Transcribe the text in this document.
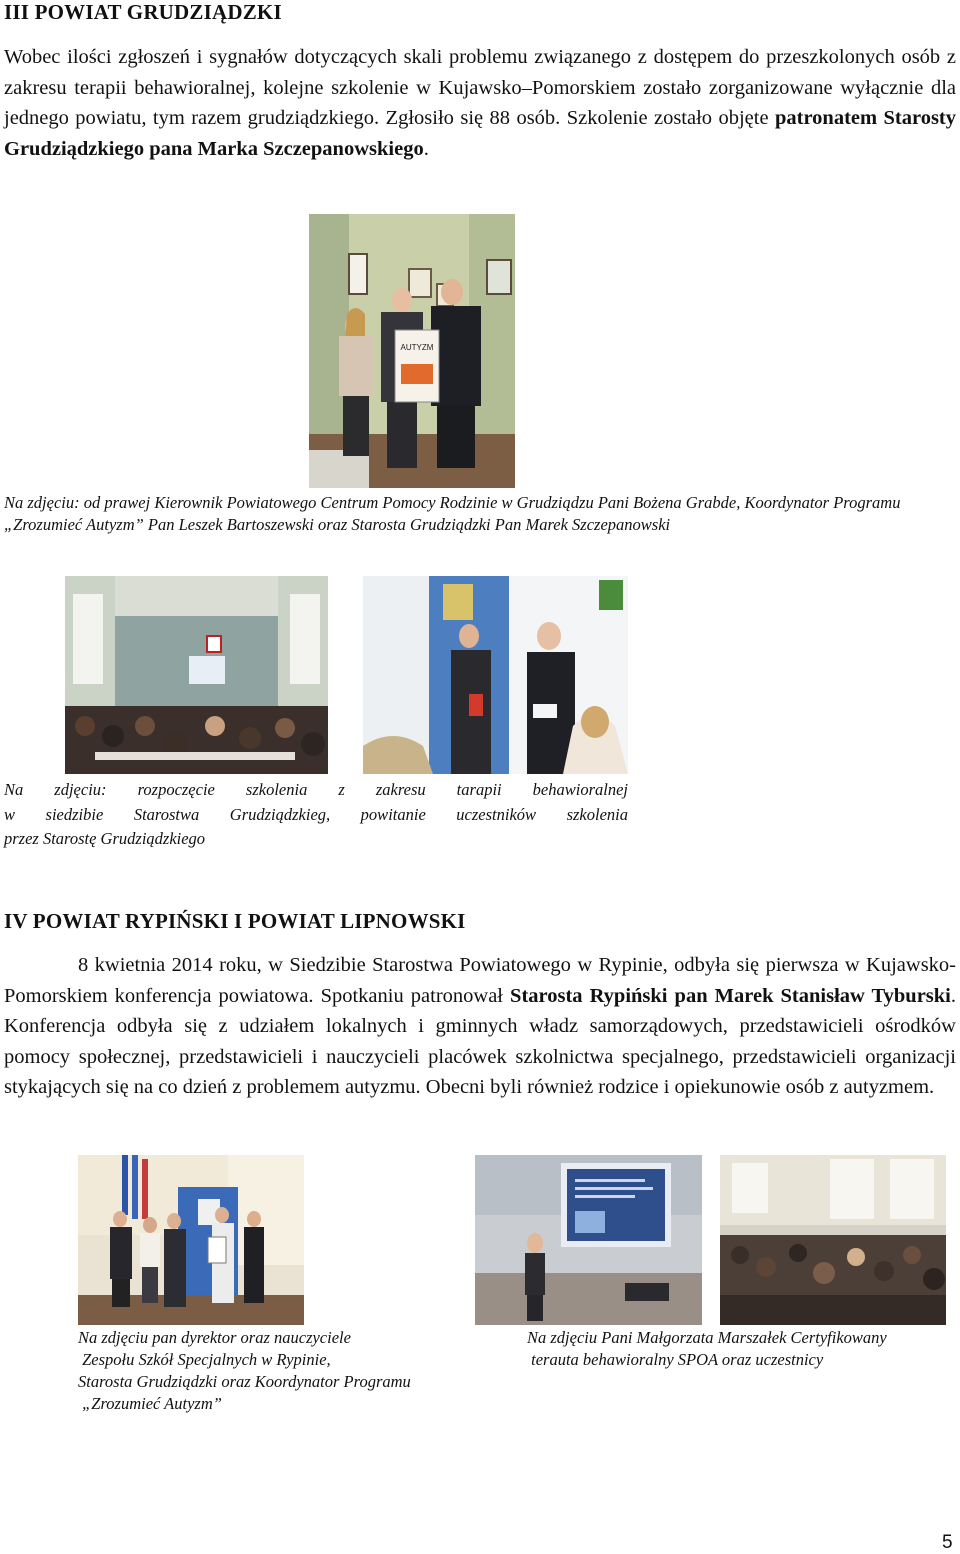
III POWIAT GRUDZIĄDZKI

Wobec ilości zgłoszeń i sygnałów dotyczących skali problemu związanego z dostępem do przeszkolonych osób z zakresu terapii behawioralnej, kolejne szkolenie w Kujawsko–Pomorskiem zostało zorganizowane wyłącznie dla jednego powiatu, tym razem grudziądzkiego. Zgłosiło się 88 osób. Szkolenie zostało objęte patronatem Starosty Grudziądzkiego pana Marka Szczepanowskiego.

AUTYZM

Na zdjęciu: od prawej Kierownik Powiatowego Centrum Pomocy Rodzinie w Grudziądzu Pani Bożena Grabde, Koordynator Programu „Zrozumieć Autyzm” Pan Leszek Bartoszewski oraz Starosta Grudziądzki Pan Marek Szczepanowski

Na zdjęciu: rozpoczęcie szkolenia z zakresu tarapii behawioralnej
w siedzibie Starostwa Grudziądzkieg, powitanie uczestników szkolenia
przez Starostę Grudziądzkiego
IV POWIAT RYPIŃSKI I POWIAT LIPNOWSKI

8 kwietnia 2014 roku, w Siedzibie Starostwa Powiatowego w Rypinie, odbyła się pierwsza w Kujawsko-Pomorskiem konferencja powiatowa. Spotkaniu patronował Starosta Rypiński pan Marek Stanisław Tyburski. Konferencja odbyła się z udziałem lokalnych i gminnych władz samorządowych, przedstawicieli ośrodków pomocy społecznej, przedstawicieli i nauczycieli placówek szkolnictwa specjalnego, przedstawicieli organizacji stykających się na co dzień z problemem autyzmu. Obecni byli również rodzice i opiekunowie osób z autyzmem.

Na zdjęciu pan dyrektor oraz nauczyciele
Zespołu Szkół Specjalnych w Rypinie,
Starosta Grudziądzki oraz Koordynator Programu
„Zrozumieć Autyzm”
Na zdjęciu Pani Małgorzata Marszałek Certyfikowany
terauta behawioralny SPOA oraz uczestnicy
5
